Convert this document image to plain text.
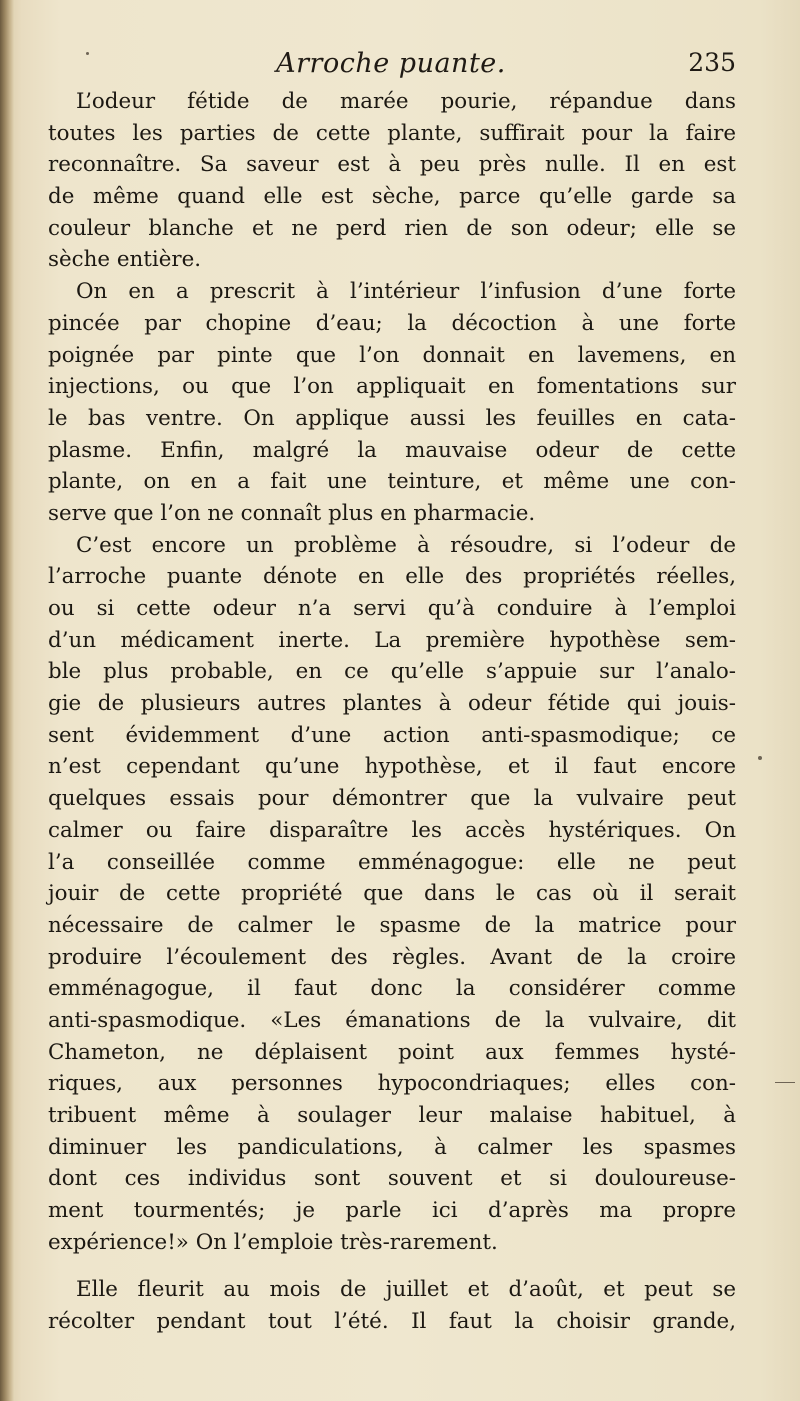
Arroche puante.	235
L’odeur fétide de marée pourie, répandue dans
toutes les parties de cette plante, suffirait pour la faire
reconnaître. Sa saveur est à peu près nulle. Il en est
de même quand elle est sèche, parce qu’elle garde sa
couleur blanche et ne perd rien de son odeur; elle se
sèche entière.
On en a prescrit à l’intérieur l’infusion d’une forte
pincée par chopine d’eau; la décoction à une forte
poignée par pinte que l’on donnait en lavemens, en
injections, ou que l’on appliquait en fomentations sur
le bas ventre. On applique aussi les feuilles en cata-
plasme. Enfin, malgré la mauvaise odeur de cette
plante, on en a fait une teinture, et même une con-
serve que l’on ne connaît plus en pharmacie.
C’est encore un problème à résoudre, si l’odeur de
l’arroche puante dénote en elle des propriétés réelles,
ou si cette odeur n’a servi qu’à conduire à l’emploi
d’un médicament inerte. La première hypothèse sem-
ble plus probable, en ce qu’elle s’appuie sur l’analo-
gie de plusieurs autres plantes à odeur fétide qui jouis-
sent évidemment d’une action anti-spasmodique; ce
n’est cependant qu’une hypothèse, et il faut encore
quelques essais pour démontrer que la vulvaire peut
calmer ou faire disparaître les accès hystériques. On
l’a conseillée comme emménagogue: elle ne peut
jouir de cette propriété que dans le cas où il serait
nécessaire de calmer le spasme de la matrice pour
produire l’écoulement des règles. Avant de la croire
emménagogue, il faut donc la considérer comme
anti-spasmodique. «Les émanations de la vulvaire, dit
Chameton, ne déplaisent point aux femmes hysté-
riques, aux personnes hypocondriaques; elles con-
tribuent même à soulager leur malaise habituel, à
diminuer les pandiculations, à calmer les spasmes
dont ces individus sont souvent et si douloureuse-
ment tourmentés; je parle ici d’après ma propre
expérience!» On l’emploie très-rarement.
Elle fleurit au mois de juillet et d’août, et peut se
récolter pendant tout l’été. Il faut la choisir grande,
